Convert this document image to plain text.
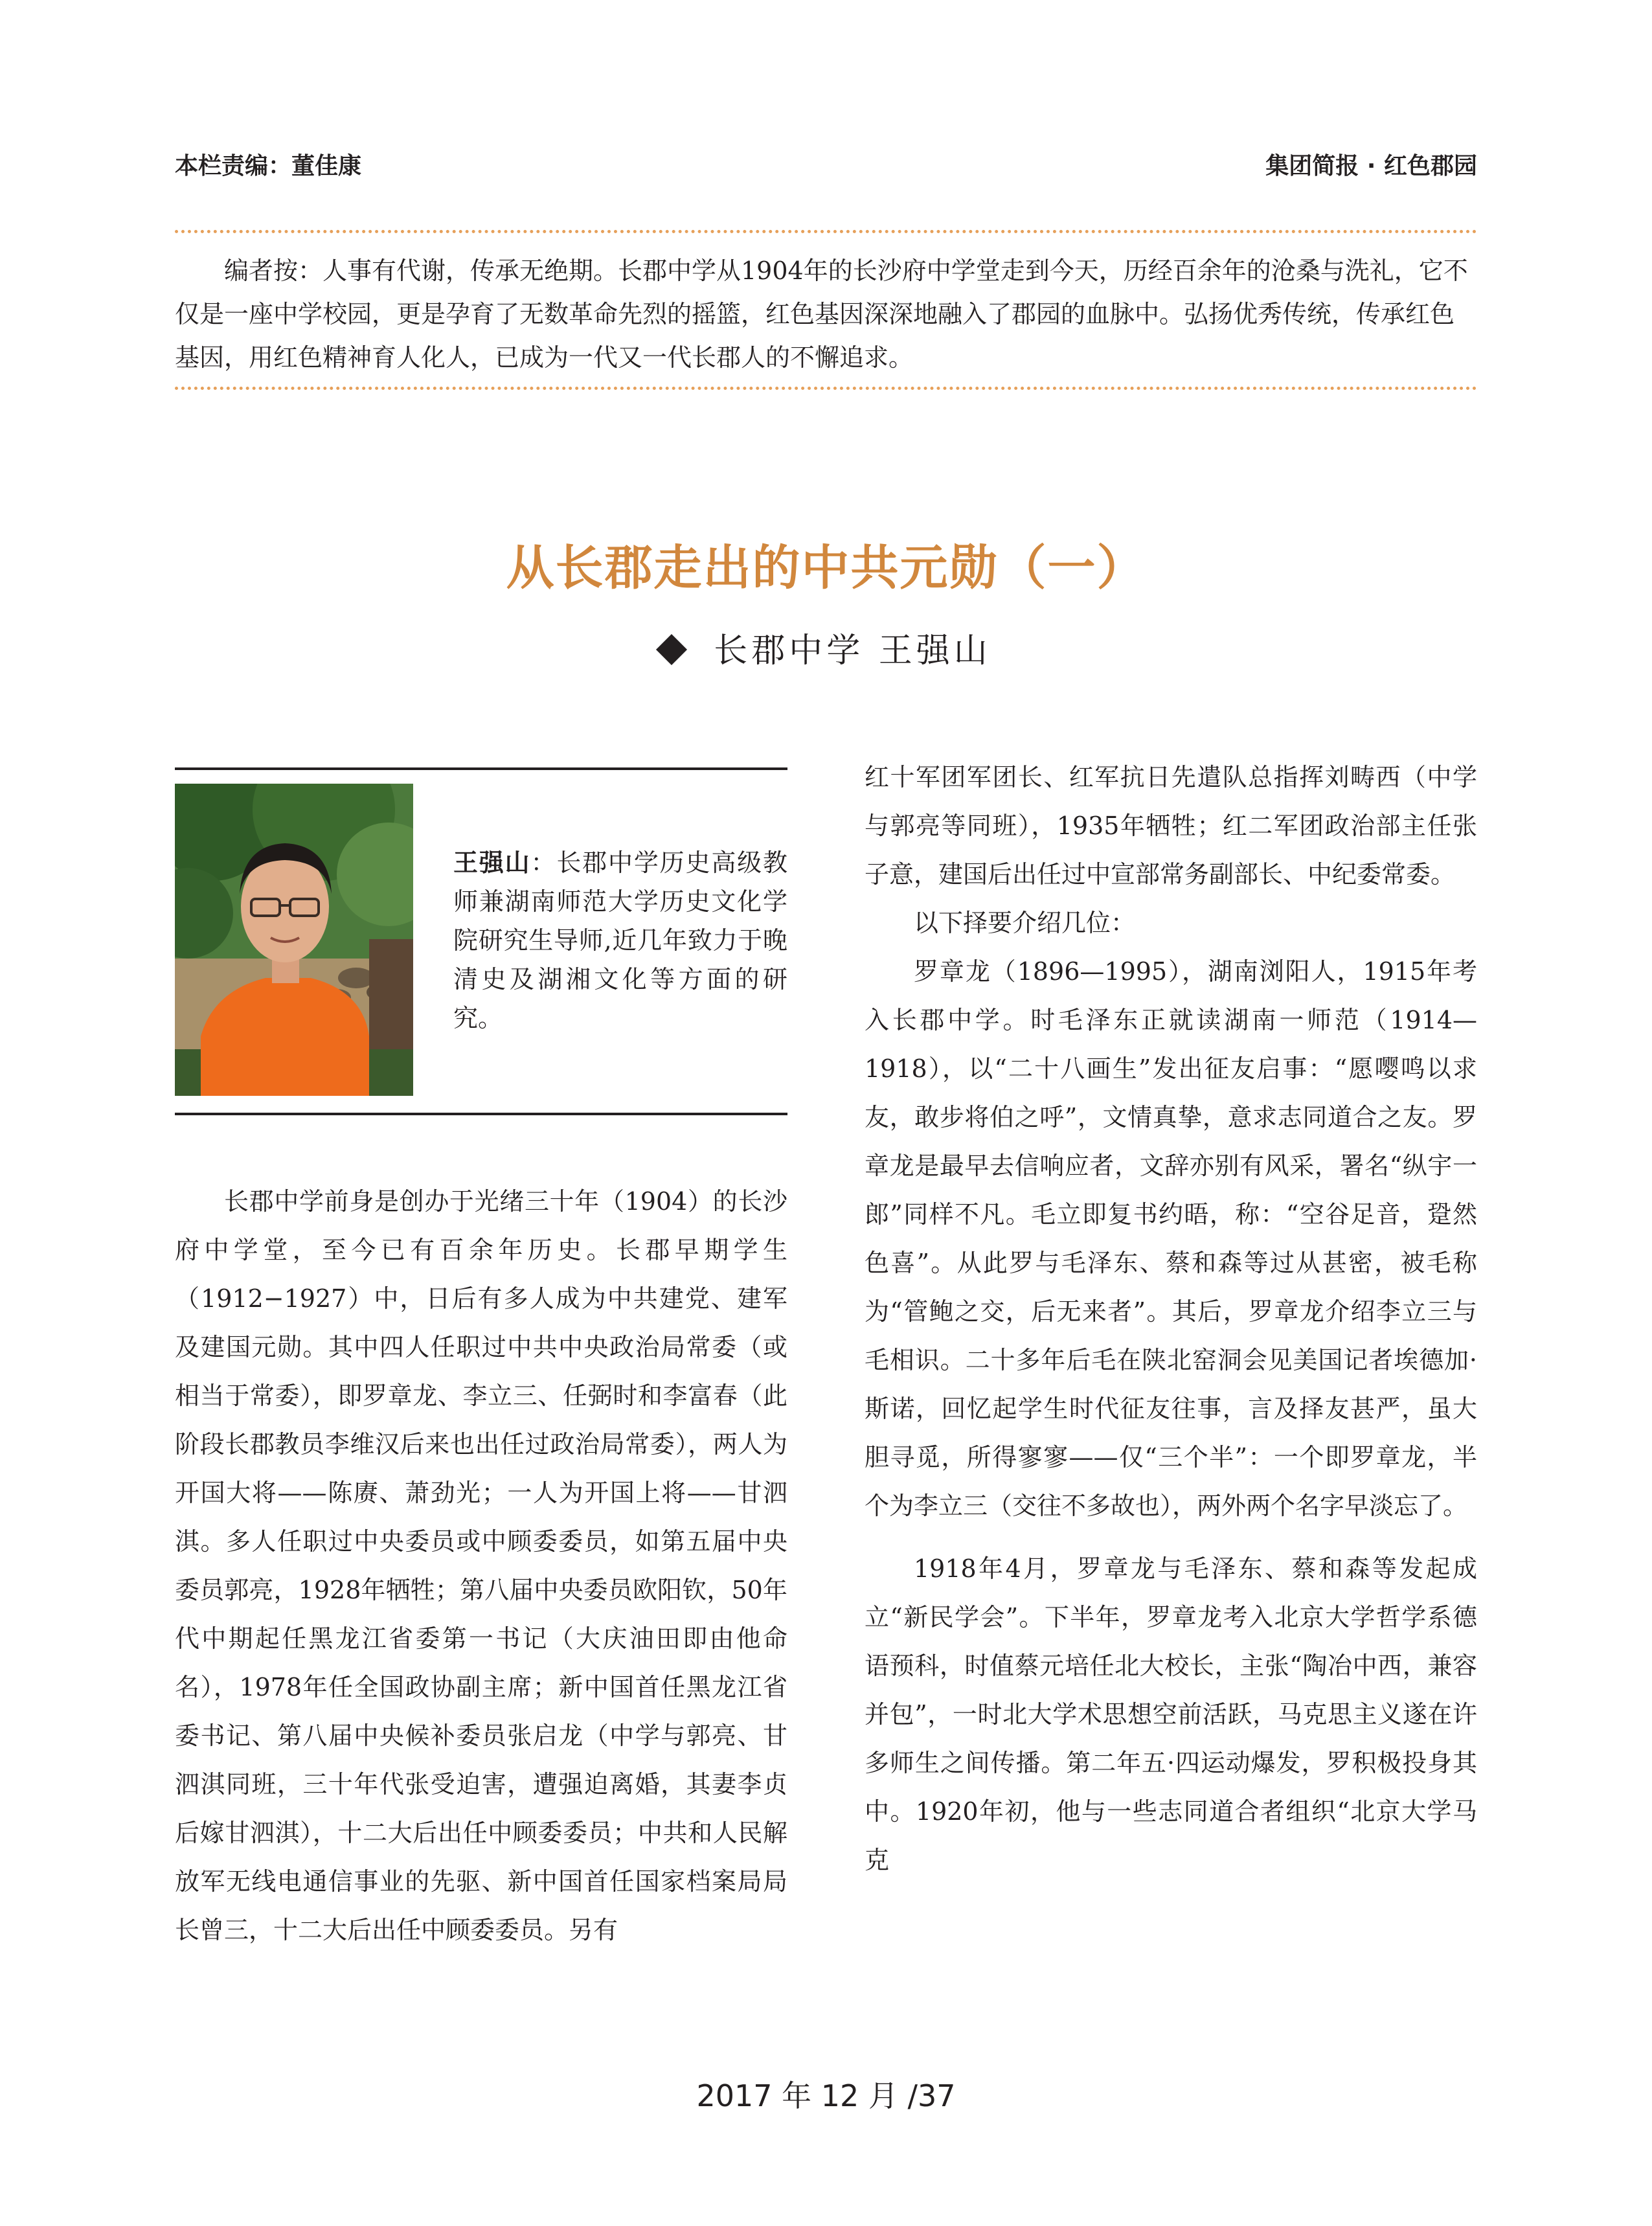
本栏责编：董佳康	集团简报 · 红色郡园

编者按：人事有代谢，传承无绝期。长郡中学从1904年的长沙府中学堂走到今天，历经百余年的沧桑与洗礼，它不仅是一座中学校园，更是孕育了无数革命先烈的摇篮，红色基因深深地融入了郡园的血脉中。弘扬优秀传统，传承红色基因，用红色精神育人化人，已成为一代又一代长郡人的不懈追求。

从长郡走出的中共元勋（一）
长郡中学 王强山
王强山：长郡中学历史高级教师兼湖南师范大学历史文化学院研究生导师,近几年致力于晚清史及湖湘文化等方面的研究。

长郡中学前身是创办于光绪三十年（1904）的长沙府中学堂，至今已有百余年历史。长郡早期学生（1912−1927）中，日后有多人成为中共建党、建军及建国元勋。其中四人任职过中共中央政治局常委（或相当于常委），即罗章龙、李立三、任弼时和李富春（此阶段长郡教员李维汉后来也出任过政治局常委），两人为开国大将——陈赓、萧劲光；一人为开国上将——甘泗淇。多人任职过中央委员或中顾委委员，如第五届中央委员郭亮，1928年牺牲；第八届中央委员欧阳钦，50年代中期起任黑龙江省委第一书记（大庆油田即由他命名），1978年任全国政协副主席；新中国首任黑龙江省委书记、第八届中央候补委员张启龙（中学与郭亮、甘泗淇同班，三十年代张受迫害，遭强迫离婚，其妻李贞后嫁甘泗淇），十二大后出任中顾委委员；中共和人民解放军无线电通信事业的先驱、新中国首任国家档案局局长曾三，十二大后出任中顾委委员。另有

红十军团军团长、红军抗日先遣队总指挥刘畴西（中学与郭亮等同班），1935年牺牲；红二军团政治部主任张子意，建国后出任过中宣部常务副部长、中纪委常委。

以下择要介绍几位：

罗章龙（1896—1995），湖南浏阳人，1915年考入长郡中学。时毛泽东正就读湖南一师范（1914—1918），以“二十八画生”发出征友启事：“愿嘤鸣以求友，敢步将伯之呼”，文情真挚，意求志同道合之友。罗章龙是最早去信响应者，文辞亦别有风采，署名“纵宇一郎”同样不凡。毛立即复书约晤，称：“空谷足音，跫然色喜”。从此罗与毛泽东、蔡和森等过从甚密，被毛称为“管鲍之交，后无来者”。其后，罗章龙介绍李立三与毛相识。二十多年后毛在陕北窑洞会见美国记者埃德加·斯诺，回忆起学生时代征友往事，言及择友甚严，虽大胆寻觅，所得寥寥——仅“三个半”：一个即罗章龙，半个为李立三（交往不多故也），两外两个名字早淡忘了。

1918年4月，罗章龙与毛泽东、蔡和森等发起成立“新民学会”。下半年，罗章龙考入北京大学哲学系德语预科，时值蔡元培任北大校长，主张“陶冶中西，兼容并包”，一时北大学术思想空前活跃，马克思主义遂在许多师生之间传播。第二年五·四运动爆发，罗积极投身其中。1920年初，他与一些志同道合者组织“北京大学马克

2017 年 12 月 /37
